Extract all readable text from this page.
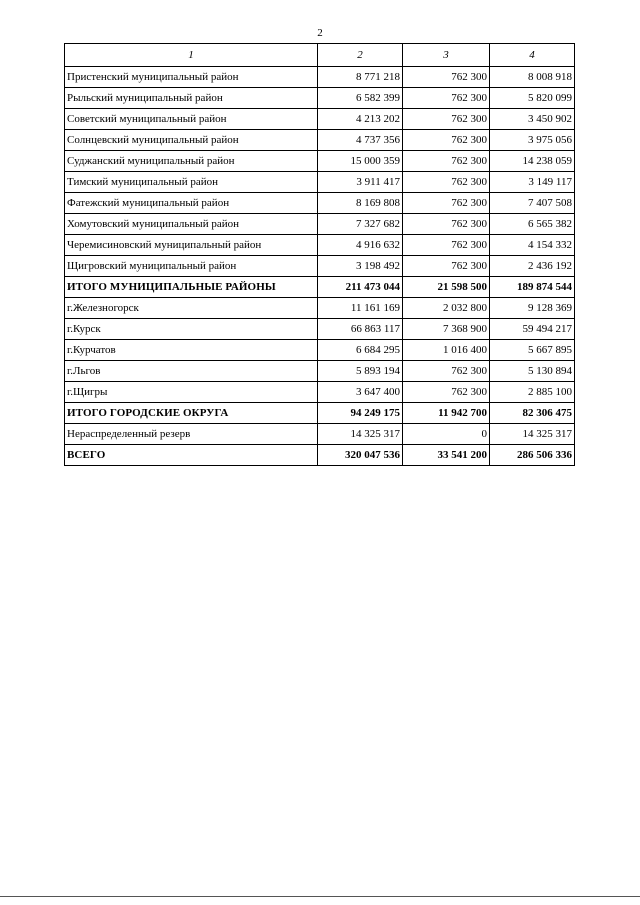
2
1	2	3	4
Пристенский муниципальный район	8 771 218	762 300	8 008 918
Рыльский муниципальный район	6 582 399	762 300	5 820 099
Советский муниципальный район	4 213 202	762 300	3 450 902
Солнцевский муниципальный район	4 737 356	762 300	3 975 056
Суджанский муниципальный район	15 000 359	762 300	14 238 059
Тимский муниципальный район	3 911 417	762 300	3 149 117
Фатежский муниципальный район	8 169 808	762 300	7 407 508
Хомутовский муниципальный район	7 327 682	762 300	6 565 382
Черемисиновский муниципальный район	4 916 632	762 300	4 154 332
Щигровский муниципальный район	3 198 492	762 300	2 436 192
ИТОГО МУНИЦИПАЛЬНЫЕ РАЙОНЫ	211 473 044	21 598 500	189 874 544
г.Железногорск	11 161 169	2 032 800	9 128 369
г.Курск	66 863 117	7 368 900	59 494 217
г.Курчатов	6 684 295	1 016 400	5 667 895
г.Льгов	5 893 194	762 300	5 130 894
г.Щигры	3 647 400	762 300	2 885 100
ИТОГО ГОРОДСКИЕ ОКРУГА	94 249 175	11 942 700	82 306 475
Нераспределенный резерв	14 325 317	0	14 325 317
ВСЕГО	320 047 536	33 541 200	286 506 336
